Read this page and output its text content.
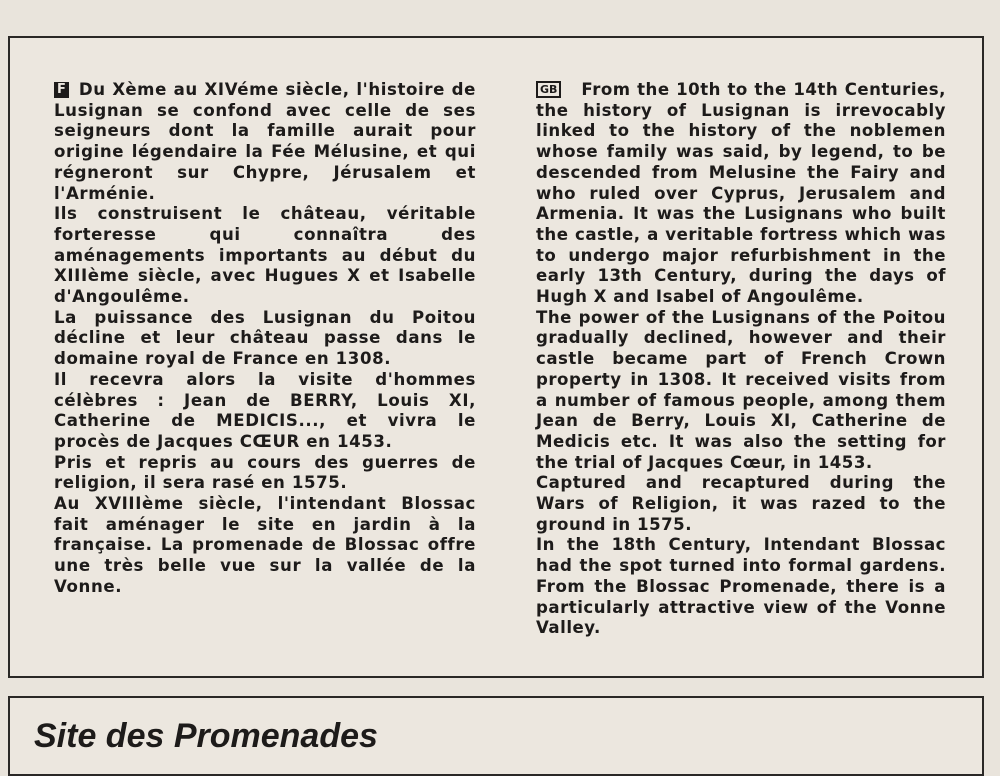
F Du Xème au XIVéme siècle, l'histoire de Lusignan se confond avec celle de ses seigneurs dont la famille aurait pour origine légendaire la Fée Mélusine, et qui régneront sur Chypre, Jérusalem et l'Arménie.

Ils construisent le château, véritable forteresse qui connaîtra des aménagements importants au début du XIIIème siècle, avec Hugues X et Isabelle d'Angoulême.

La puissance des Lusignan du Poitou décline et leur château passe dans le domaine royal de France en 1308.

Il recevra alors la visite d'hommes célèbres : Jean de BERRY, Louis XI, Catherine de MEDICIS..., et vivra le procès de Jacques CŒUR en 1453.

Pris et repris au cours des guerres de religion, il sera rasé en 1575.

Au XVIIIème siècle, l'intendant Blossac fait aménager le site en jardin à la française. La promenade de Blossac offre une très belle vue sur la vallée de la Vonne.

GB From the 10th to the 14th Centuries, the history of Lusignan is irrevocably linked to the history of the noblemen whose family was said, by legend, to be descended from Melusine the Fairy and who ruled over Cyprus, Jerusalem and Armenia. It was the Lusignans who built the castle, a veritable fortress which was to undergo major refurbishment in the early 13th Century, during the days of Hugh X and Isabel of Angoulême.

The power of the Lusignans of the Poitou gradually declined, however and their castle became part of French Crown property in 1308. It received visits from a number of famous people, among them Jean de Berry, Louis XI, Catherine de Medicis etc. It was also the setting for the trial of Jacques Cœur, in 1453.

Captured and recaptured during the Wars of Religion, it was razed to the ground in 1575.

In the 18th Century, Intendant Blossac had the spot turned into formal gardens. From the Blossac Promenade, there is a particularly attractive view of the Vonne Valley.

Site des Promenades
